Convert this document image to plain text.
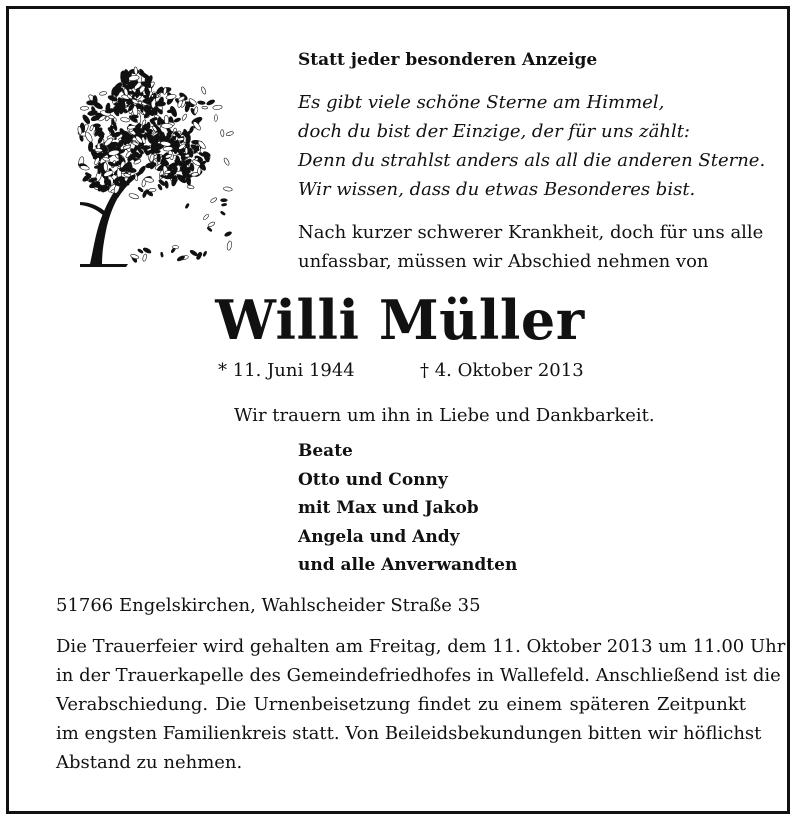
Statt jeder besonderen Anzeige
Es gibt viele schöne Sterne am Himmel,
doch du bist der Einzige, der für uns zählt:
Denn du strahlst anders als all die anderen Sterne.
Wir wissen, dass du etwas Besonderes bist.
Nach kurzer schwerer Krankheit, doch für uns alle
unfassbar, müssen wir Abschied nehmen von
Willi Müller
* 11. Juni 1944	† 4. Oktober 2013
Wir trauern um ihn in Liebe und Dankbarkeit.
Beate
Otto und Conny
mit Max und Jakob
Angela und Andy
und alle Anverwandten
51766 Engelskirchen, Wahlscheider Straße 35
Die Trauerfeier wird gehalten am Freitag, dem 11. Oktober 2013 um 11.00 Uhr
in der Trauerkapelle des Gemeindefriedhofes in Wallefeld. Anschließend ist die
Verabschiedung. Die Urnenbeisetzung findet zu einem späteren Zeitpunkt
im engsten Familienkreis statt. Von Beileidsbekundungen bitten wir höflichst
Abstand zu nehmen.
